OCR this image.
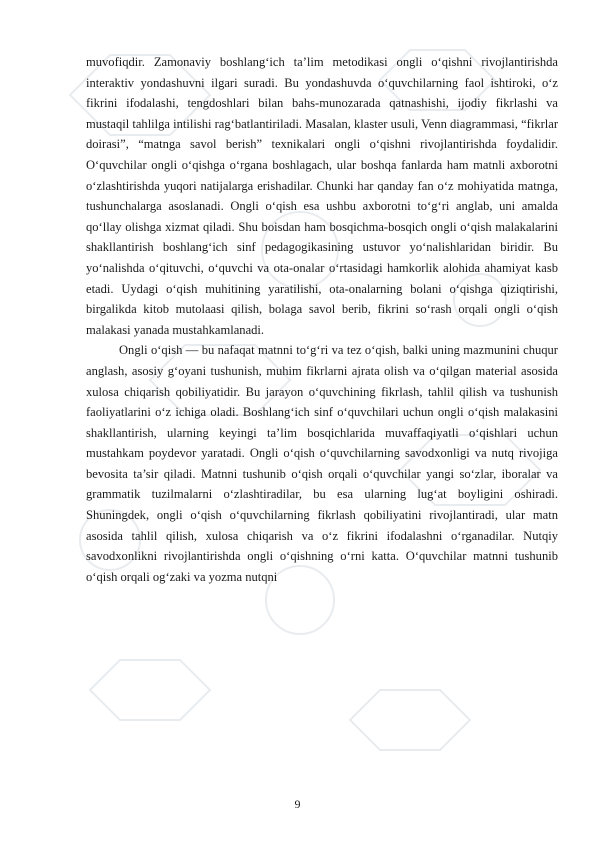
muvofiqdir. Zamonaviy boshlang‘ich ta’lim metodikasi ongli o‘qishni rivojlantirishda interaktiv yondashuvni ilgari suradi. Bu yondashuvda o‘quvchilarning faol ishtiroki, o‘z fikrini ifodalashi, tengdoshlari bilan bahs-munozarada qatnashishi, ijodiy fikrlashi va mustaqil tahlilga intilishi rag‘batlantiriladi. Masalan, klaster usuli, Venn diagrammasi, “fikrlar doirasi”, “matnga savol berish” texnikalari ongli o‘qishni rivojlantirishda foydalidir. O‘quvchilar ongli o‘qishga o‘rgana boshlagach, ular boshqa fanlarda ham matnli axborotni o‘zlashtirishda yuqori natijalarga erishadilar. Chunki har qanday fan o‘z mohiyatida matnga, tushunchalarga asoslanadi. Ongli o‘qish esa ushbu axborotni to‘g‘ri anglab, uni amalda qo‘llay olishga xizmat qiladi. Shu boisdan ham bosqichma-bosqich ongli o‘qish malakalarini shakllantirish boshlang‘ich sinf pedagogikasining ustuvor yo‘nalishlaridan biridir. Bu yo‘nalishda o‘qituvchi, o‘quvchi va ota-onalar o‘rtasidagi hamkorlik alohida ahamiyat kasb etadi. Uydagi o‘qish muhitining yaratilishi, ota-onalarning bolani o‘qishga qiziqtirishi, birgalikda kitob mutolaasi qilish, bolaga savol berib, fikrini so‘rash orqali ongli o‘qish malakasi yanada mustahkamlanadi.

Ongli o‘qish — bu nafaqat matnni to‘g‘ri va tez o‘qish, balki uning mazmunini chuqur anglash, asosiy g‘oyani tushunish, muhim fikrlarni ajrata olish va o‘qilgan material asosida xulosa chiqarish qobiliyatidir. Bu jarayon o‘quvchining fikrlash, tahlil qilish va tushunish faoliyatlarini o‘z ichiga oladi. Boshlang‘ich sinf o‘quvchilari uchun ongli o‘qish malakasini shakllantirish, ularning keyingi ta’lim bosqichlarida muvaffaqiyatli o‘qishlari uchun mustahkam poydevor yaratadi. Ongli o‘qish o‘quvchilarning savodxonligi va nutq rivojiga bevosita ta’sir qiladi. Matnni tushunib o‘qish orqali o‘quvchilar yangi so‘zlar, iboralar va grammatik tuzilmalarni o‘zlashtiradilar, bu esa ularning lug‘at boyligini oshiradi. Shuningdek, ongli o‘qish o‘quvchilarning fikrlash qobiliyatini rivojlantiradi, ular matn asosida tahlil qilish, xulosa chiqarish va o‘z fikrini ifodalashni o‘rganadilar. Nutqiy savodxonlikni rivojlantirishda ongli o‘qishning o‘rni katta. O‘quvchilar matnni tushunib o‘qish orqali og‘zaki va yozma nutqni

9
